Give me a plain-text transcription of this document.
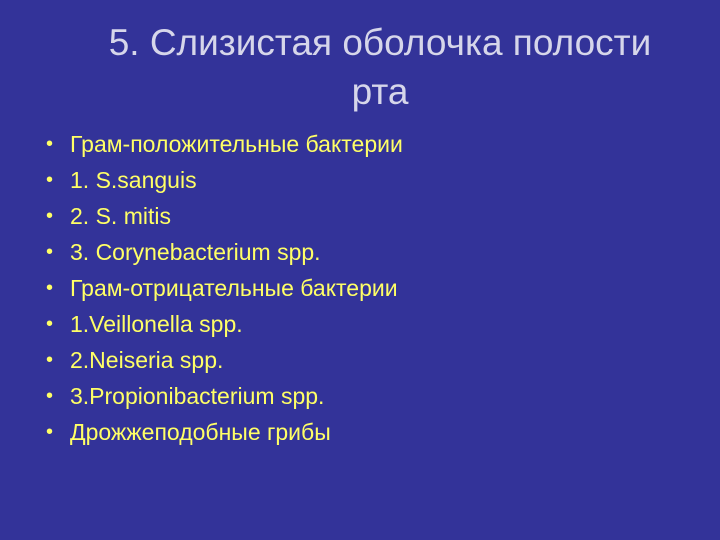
5. Слизистая оболочка полости
рта
• Грам-положительные бактерии
• 1. S.sanguis
• 2. S. mitis
• 3. Corynebacterium spp.
• Грам-отрицательные бактерии
• 1.Veillonella spp.
• 2.Neiseria spp.
• 3.Propionibacterium spp.
• Дрожжеподобные грибы
